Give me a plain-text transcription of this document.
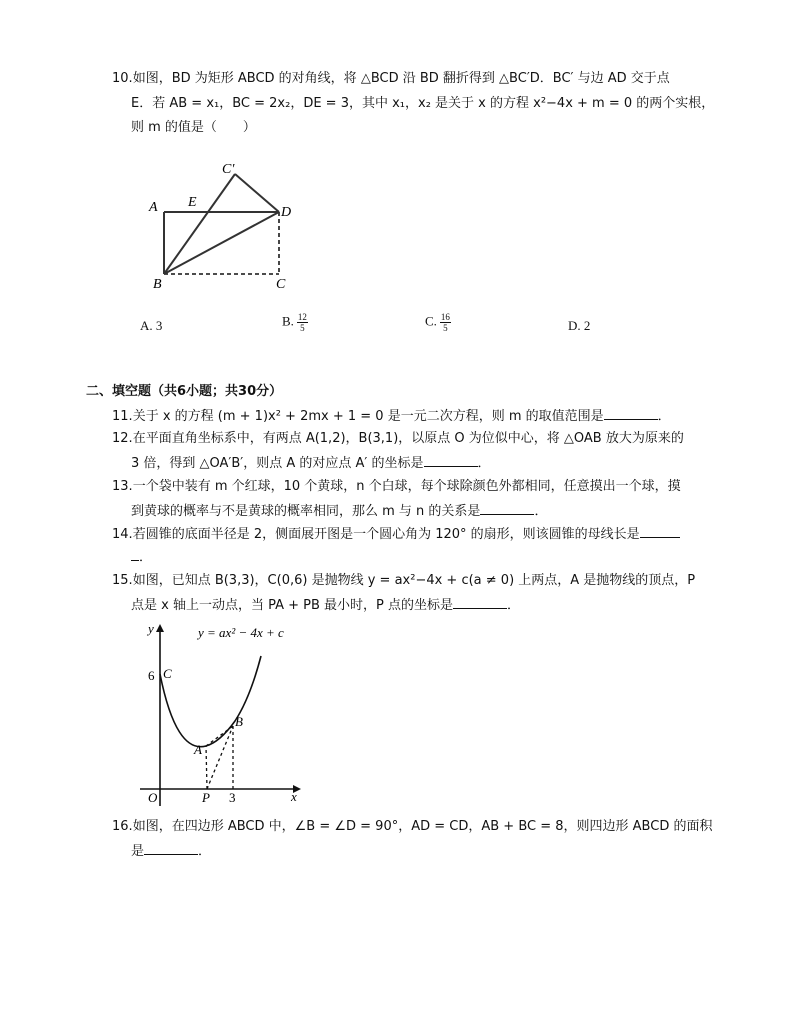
10.如图，BD 为矩形 ABCD 的对角线，将 △BCD 沿 BD 翻折得到 △BC′D．BC′ 与边 AD 交于点
E．若 AB = x₁，BC = 2x₂，DE = 3，其中 x₁，x₂ 是关于 x 的方程 x²−4x + m = 0 的两个实根，
则 m 的值是（　　）
A E
C′
D
B	C
A. 3	B. $\frac{12}{5}$	C. $\frac{16}{5}$	D. 2
二、填空题（共6小题；共30分）
11.关于 x 的方程 (m + 1)x² + 2mx + 1 = 0 是一元二次方程，则 m 的取值范围是	．
12.在平面直角坐标系中，有两点 A(1,2)，B(3,1)，以原点 O 为位似中心，将 △OAB 放大为原来的
3 倍，得到 △OA′B′，则点 A 的对应点 A′ 的坐标是	．
13.一个袋中装有 m 个红球，10 个黄球，n 个白球，每个球除颜色外都相同，任意摸出一个球，摸
到黄球的概率与不是黄球的概率相同，那么 m 与 n 的关系是	．
14.若圆锥的底面半径是 2，侧面展开图是一个圆心角为 120° 的扇形，则该圆锥的母线长是
．
15.如图，已知点 B(3,3)，C(0,6) 是抛物线 y = ax²−4x + c(a ≠ 0) 上两点，A 是抛物线的顶点，P
点是 x 轴上一动点，当 PA + PB 最小时，P 点的坐标是	．
y = ax² − 4x + c
y
x
O
6 C
A
B
P 3
16.如图，在四边形 ABCD 中，∠B = ∠D = 90°，AD = CD，AB + BC = 8，则四边形 ABCD 的面积
是	．
